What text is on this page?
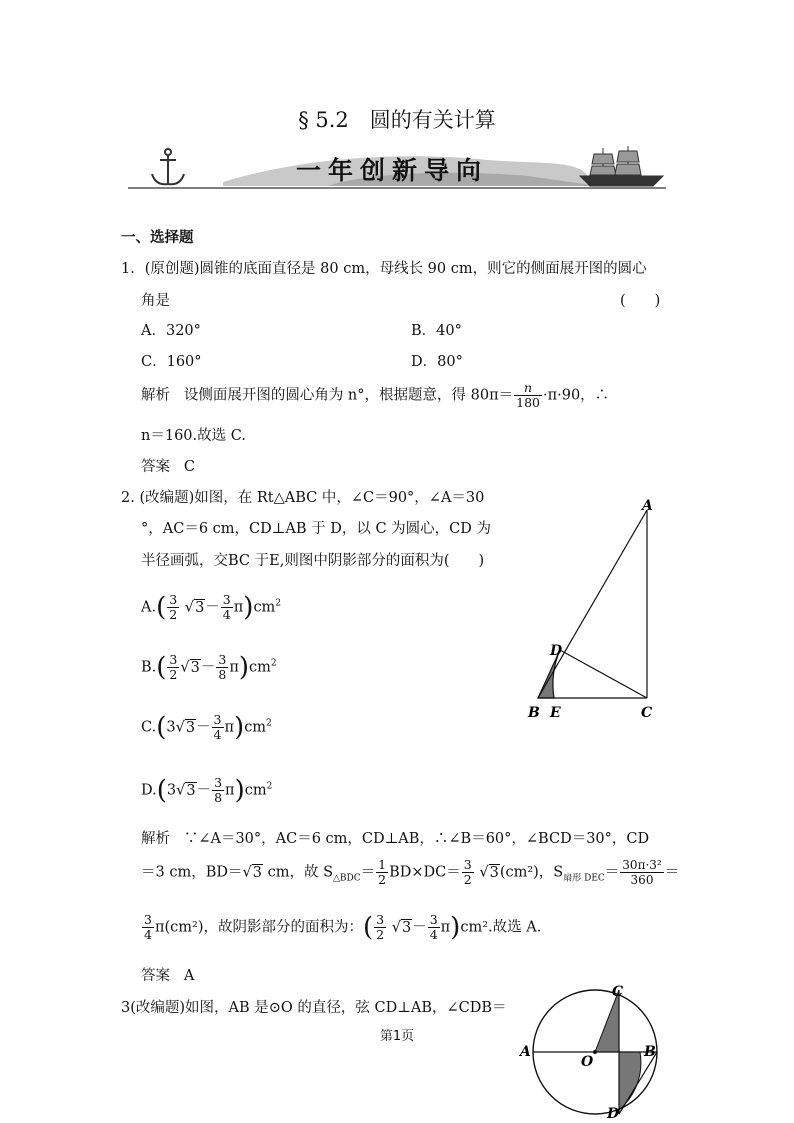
§ 5.2　圆的有关计算
一年创新导向
一、选择题
1．(原创题)圆锥的底面直径是 80 cm，母线长 90 cm，则它的侧面展开图的圆心
角是	(　　)
A．320°	B．40°
C．160°	D．80°
解析 设侧面展开图的圆心角为 n°，根据题意，得 $80\pi= \frac{n}{180} \cdot\pi\cdot 90$，∴
n＝160.故选 C.
答案 C
2. (改编题)如图，在 Rt△ABC 中，∠C＝90°，∠A＝30
°，AC＝6 cm，CD⊥AB 于 D，以 C 为圆心，CD 为
半径画弧，交BC 于E,则图中阴影部分的面积为(　　)
$A.( \frac{3}{2} √3- \frac{3}{4} \pi)cm^2$
$B.( \frac{3}{2} √3- \frac{3}{8} \pi)cm^2$
$C.(3√3- \frac{3}{4} \pi)cm^2$
$D.(3√3- \frac{3}{8} \pi)cm^2$
A
D
B E	C
解析 ∵∠A＝30°，AC＝6 cm，CD⊥AB，∴∠B＝60°，∠BCD＝30°，CD
＝3 cm，BD＝√3 cm，故 $S_{\triangle BDC}= \frac{1}{2} BD\times DC= \frac{3}{2} √3(cm^2)$，$S_{扇形 DEC}= \frac{\text{30π·3²}}{360}$ ＝
$\frac{3}{4} \pi(cm^2)$，故阴影部分的面积为：( $\frac{3}{2} √3- \frac{3}{4} \pi)cm^2$.故选 A.
答案 A
3(改编题)如图，AB 是⊙O 的直径，弦 CD⊥AB，∠CDB＝
A
O
C
B
D
第1页
